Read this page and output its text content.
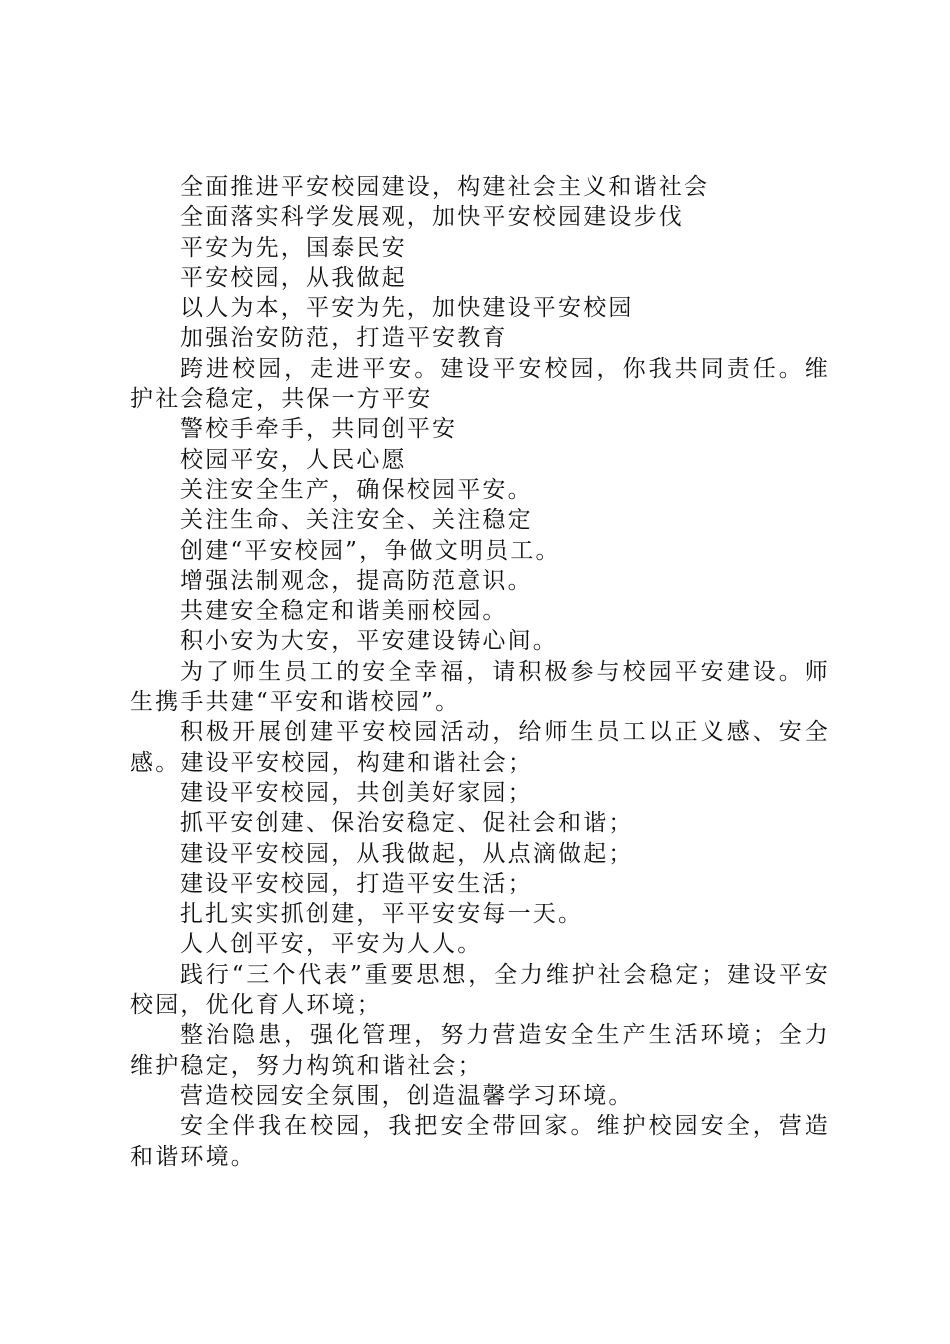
全面推进平安校园建设，构建社会主义和谐社会

全面落实科学发展观，加快平安校园建设步伐

平安为先，国泰民安

平安校园，从我做起

以人为本，平安为先，加快建设平安校园

加强治安防范，打造平安教育

跨进校园，走进平安。建设平安校园，你我共同责任。维护社会稳定，共保一方平安

警校手牵手，共同创平安

校园平安，人民心愿

关注安全生产，确保校园平安。

关注生命、关注安全、关注稳定

创建“平安校园”，争做文明员工。

增强法制观念，提高防范意识。

共建安全稳定和谐美丽校园。

积小安为大安，平安建设铸心间。

为了师生员工的安全幸福，请积极参与校园平安建设。师生携手共建“平安和谐校园”。

积极开展创建平安校园活动，给师生员工以正义感、安全感。建设平安校园，构建和谐社会；

建设平安校园，共创美好家园；

抓平安创建、保治安稳定、促社会和谐；

建设平安校园，从我做起，从点滴做起；

建设平安校园，打造平安生活；

扎扎实实抓创建，平平安安每一天。

人人创平安，平安为人人。

践行“三个代表”重要思想，全力维护社会稳定；建设平安校园，优化育人环境；

整治隐患，强化管理，努力营造安全生产生活环境；全力维护稳定，努力构筑和谐社会；

营造校园安全氛围，创造温馨学习环境。

安全伴我在校园，我把安全带回家。维护校园安全，营造和谐环境。
